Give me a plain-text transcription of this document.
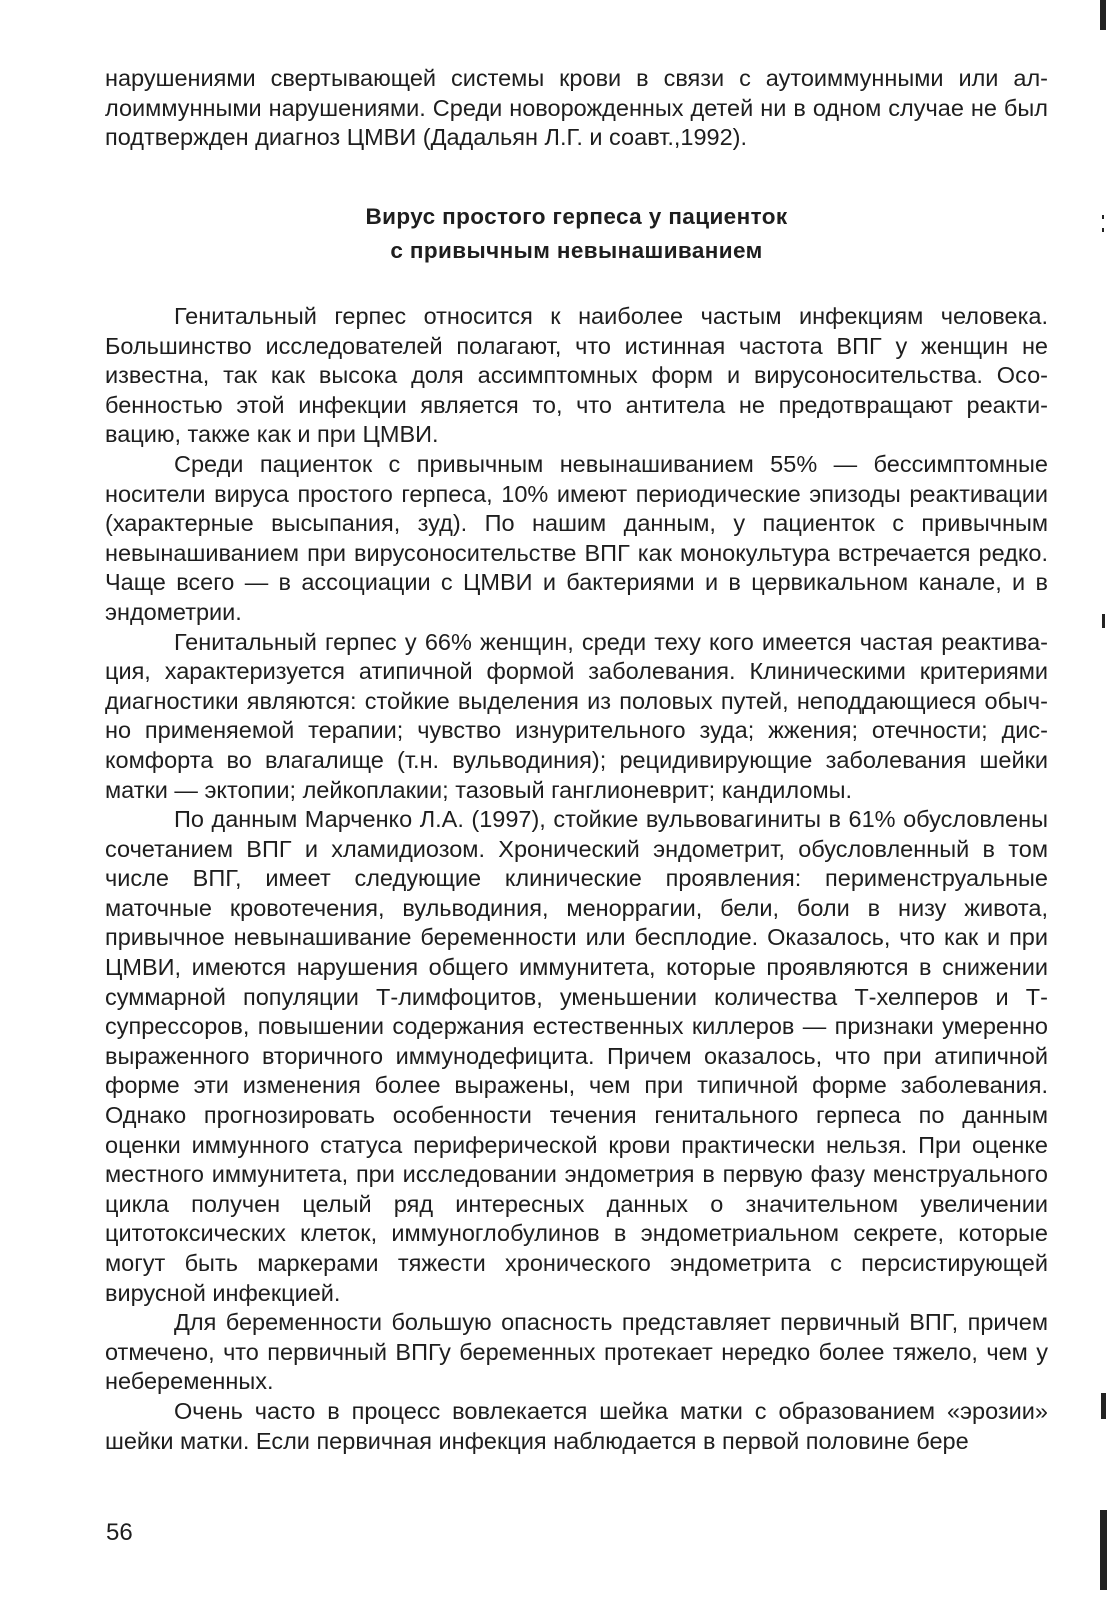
нарушениями свертывающей системы крови в связи с аутоиммунными или аллоиммунными нарушениями. Среди новорожденных детей ни в одном случае не был подтвержден диагноз ЦМВИ (Дадальян Л.Г. и соавт.,1992).

Вирус простого герпеса у пациенток
с привычным невынашиванием

Генитальный герпес относится к наиболее частым инфекциям человека. Большинство исследователей полагают, что истинная частота ВПГ у женщин не известна, так как высока доля ассимптомных форм и вирусоносительства. Особенностью этой инфекции является то, что антитела не предотвращают реактивацию, также как и при ЦМВИ.

Среди пациенток с привычным невынашиванием 55% — бессимптомные носители вируса простого герпеса, 10% имеют периодические эпизоды реактивации (характерные высыпания, зуд). По нашим данным, у пациенток с привычным невынашиванием при вирусоносительстве ВПГ как монокультура встречается редко. Чаще всего — в ассоциации с ЦМВИ и бактериями и в цервикальном канале, и в эндометрии.

Генитальный герпес у 66% женщин, среди теху кого имеется частая реактивация, характеризуется атипичной формой заболевания. Клиническими критериями диагностики являются: стойкие выделения из половых путей, неподдающиеся обычно применяемой терапии; чувство изнурительного зуда; жжения; отечности; дискомфорта во влагалище (т.н. вульводиния); рецидивирующие заболевания шейки матки — эктопии; лейкоплакии; тазовый ганглионеврит; кандиломы.

По данным Марченко Л.А. (1997), стойкие вульвовагиниты в 61% обусловлены сочетанием ВПГ и хламидиозом. Хронический эндометрит, обусловленный в том числе ВПГ, имеет следующие клинические проявления: перименструальные маточные кровотечения, вульводиния, меноррагии, бели, боли в низу живота, привычное невынашивание беременности или бесплодие. Оказалось, что как и при ЦМВИ, имеются нарушения общего иммунитета, которые проявляются в снижении суммарной популяции Т-лимфоцитов, уменьшении количества Т-хелперов и Т-супрессоров, повышении содержания естественных киллеров — признаки умеренно выраженного вторичного иммунодефицита. Причем оказалось, что при атипичной форме эти изменения более выражены, чем при типичной форме заболевания. Однако прогнозировать особенности течения генитального герпеса по данным оценки иммунного статуса периферической крови практически нельзя. При оценке местного иммунитета, при исследовании эндометрия в первую фазу менструального цикла получен целый ряд интересных данных о значительном увеличении цитотоксических клеток, иммуноглобулинов в эндометриальном секрете, которые могут быть маркерами тяжести хронического эндометрита с персистирующей вирусной инфекцией.

Для беременности большую опасность представляет первичный ВПГ, причем отмечено, что первичный ВПГу беременных протекает нередко более тяжело, чем у небеременных.

Очень часто в процесс вовлекается шейка матки с образованием «эрозии» шейки матки. Если первичная инфекция наблюдается в первой половине бере

56
